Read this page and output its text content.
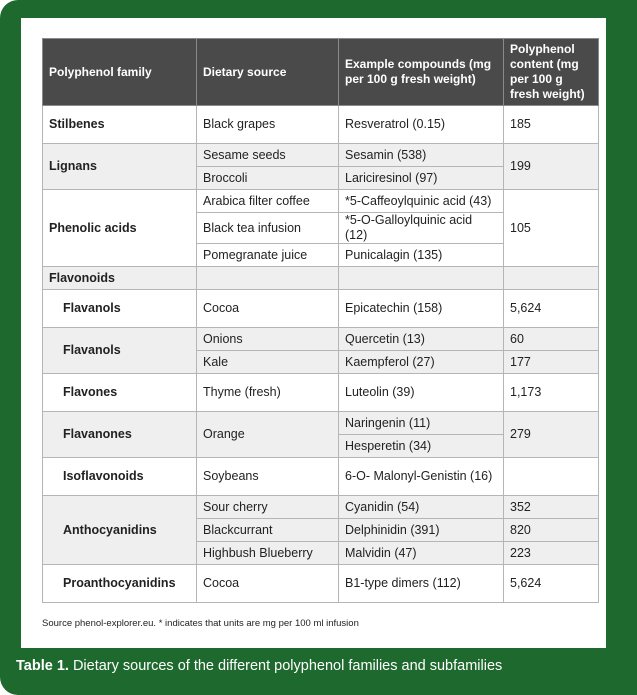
Polyphenol family	Dietary source	Example compounds (mg per 100 g fresh weight)	Polyphenol content (mg per 100 g fresh weight)
Stilbenes	Black grapes	Resveratrol (0.15)	185
Lignans	Sesame seeds	Sesamin (538)	199
	Broccoli	Lariciresinol (97)	
Phenolic acids	Arabica filter coffee	*5-Caffeoylquinic acid (43)	105
	Black tea infusion	*5-O-Galloylquinic acid (12)	
	Pomegranate juice	Punicalagin (135)	
Flavonoids			
Flavanols	Cocoa	Epicatechin (158)	5,624
Flavanols	Onions	Quercetin (13)	60
	Kale	Kaempferol (27)	177
Flavones	Thyme (fresh)	Luteolin (39)	1,173
Flavanones	Orange	Naringenin (11)	279
		Hesperetin (34)	
Isoflavonoids	Soybeans	6-O- Malonyl-Genistin (16)	
Anthocyanidins	Sour cherry	Cyanidin (54)	352
	Blackcurrant	Delphinidin (391)	820
	Highbush Blueberry	Malvidin (47)	223
Proanthocyanidins	Cocoa	B1-type dimers (112)	5,624
Source phenol-explorer.eu. * indicates that units are mg per 100 ml infusion
Table 1. Dietary sources of the different polyphenol families and subfamilies
